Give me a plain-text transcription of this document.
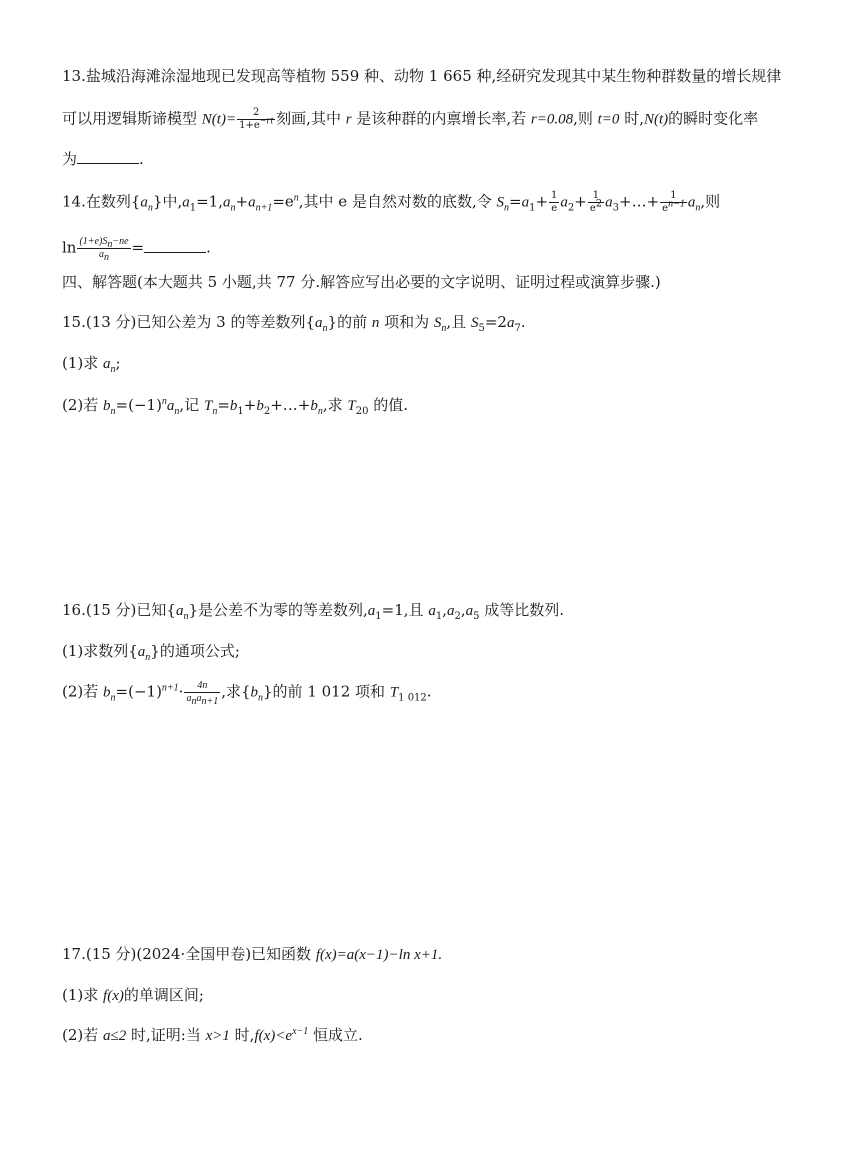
13.盐城沿海滩涂湿地现已发现高等植物 559 种、动物 1 665 种,经研究发现其中某生物种群数量的增长规律
可以用逻辑斯谛模型 $N(t)= \frac{2}{1+e^{-rt}}$ 刻画,其中 r 是该种群的内禀增长率,若 r=0.08,则 t=0 时,N(t)的瞬时变化率
为	.
14.在数列$\{a_n\}$中$,a_1=1,a_n+a_{n+1}=e^n$,其中 e 是自然对数的底数,令 $S_n=a_1+ \frac{1}{e} a_2+ \frac{1}{e^2}$ $a_3+\dots+ \frac{1}{e^{n-1}} a_n$,则
$\ln \frac{(1+e)S_n-ne}{a_n}$ =	.
四、解答题(本大题共 5 小题,共 77 分.解答应写出必要的文字说明、证明过程或演算步骤.)
15.(13 分)已知公差为 3 的等差数列$\{a_n\}$的前 n 项和为 $S_n$,且 $S_5=2a_7$.
(1)求 $a_n$;
(2)若 $b_n=(-1)^na_n$,记 $T_n=b_1+b_2+\dots+b_n$,求 $T_{20}$ 的值.
16.(15 分)已知$\{a_n\}$是公差不为零的等差数列$,a_1=1$,且 $a_1,a_2,a_5$ 成等比数列.
(1)求数列$\{a_n\}$的通项公式;
(2)若 $b_n=(-1)^{n+1}\cdot \frac{4n}{a_na_{n+1}}$ ,求$\{b_n\}$的前 1 012 项和 $T_{1 012}$.
17.(15 分)(2024·全国甲卷)已知函数 f(x)=a(x−1)−ln x+1.
(1)求 f(x)的单调区间;
(2)若 a≤2 时,证明:当 x>1 时$,f(x)<e^{x-1}$ 恒成立.
